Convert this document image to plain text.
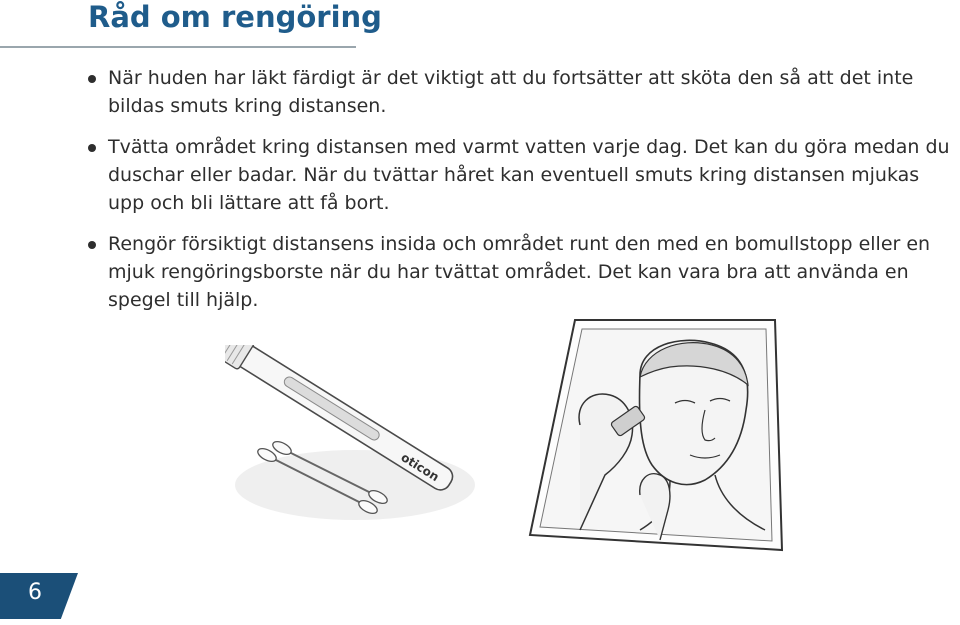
Råd om rengöring
När huden har läkt färdigt är det viktigt att du fortsätter att sköta den så att det inte bildas smuts kring distansen.
Tvätta området kring distansen med varmt vatten varje dag. Det kan du göra medan du duschar eller badar. När du tvättar håret kan eventuell smuts kring distansen mjukas upp och bli lättare att få bort.
Rengör försiktigt distansens insida och området runt den med en bomullstopp eller en mjuk rengöringsborste när du har tvättat området. Det kan vara bra att använda en spegel till hjälp.
oticon
6
